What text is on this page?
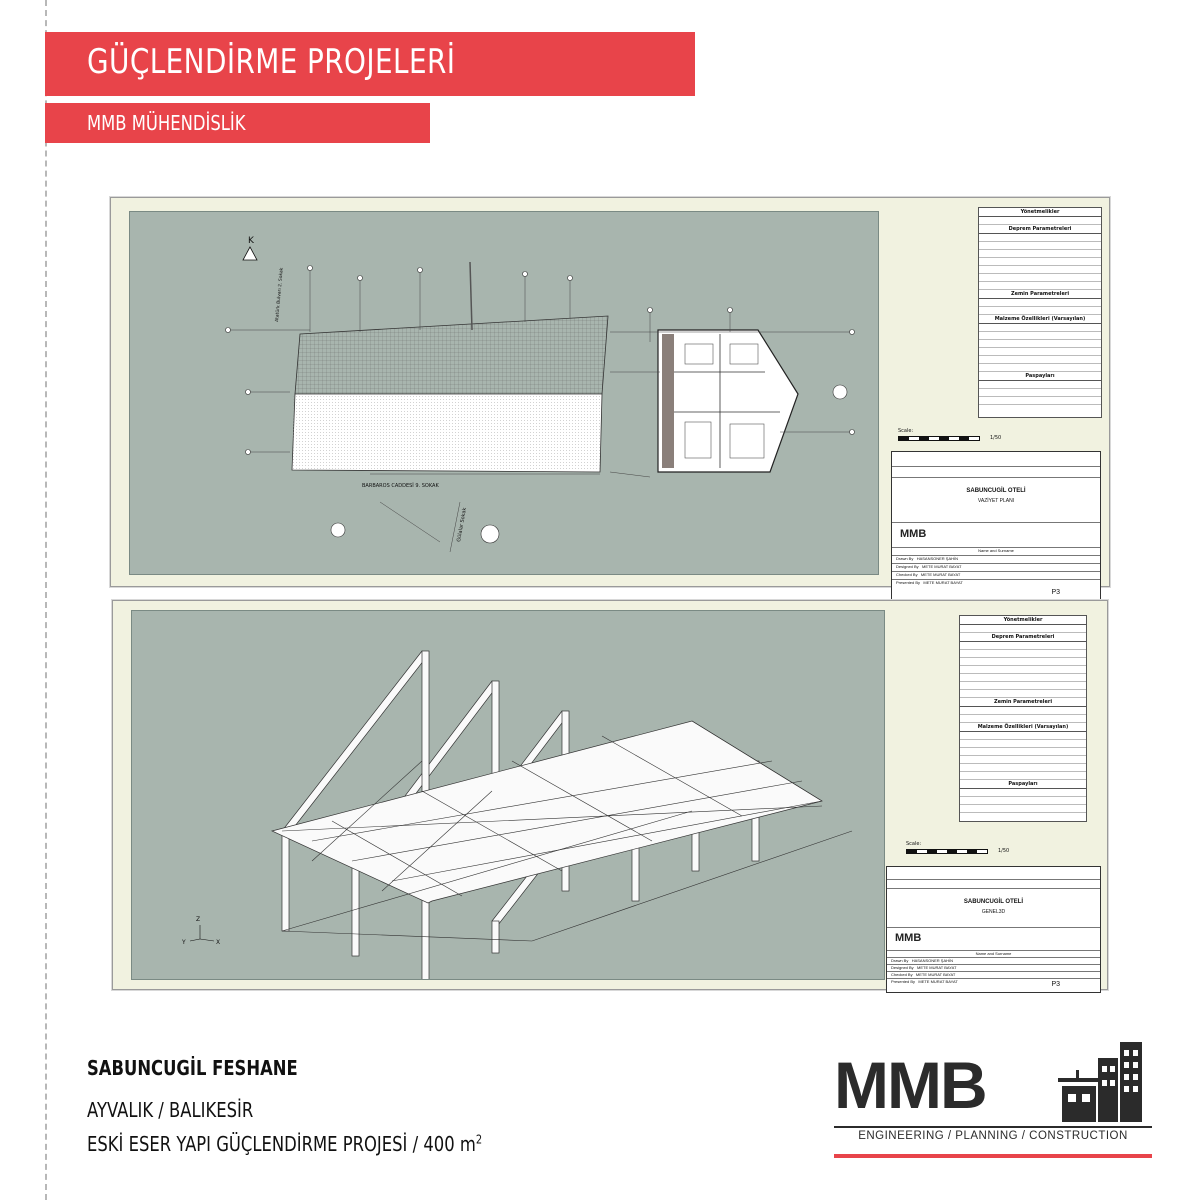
GÜÇLENDİRME PROJELERİ
MMB MÜHENDİSLİK
K
BARBAROS CADDESİ 9. SOKAK
Gülalar Sokak
Atatürk Bulvarı 2. Sokak
Yönetmelikler
Deprem Parametreleri
Zemin Parametreleri
Malzeme Özellikleri (Varsayılan)
Paspayları
Scale:
1/50
SABUNCUGİL OTELİ
VAZİYET PLANI
MMB
Name and Surname
Drawn By HASANSONER ŞAHİN
Designed By METE MURAT BAYAT
Checked By METE MURAT BAYAT
Presented By METE MURAT BAYAT
P3
Z
Y	X
Yönetmelikler
Deprem Parametreleri
Zemin Parametreleri
Malzeme Özellikleri (Varsayılan)
Paspayları
Scale:
1/50
SABUNCUGİL OTELİ
GENEL3D
MMB
Name and Surname
Drawn By HASANSONER ŞAHİN
Designed By METE MURAT BAYAT
Checked By METE MURAT BAYAT
Presented By METE MURAT BAYAT	P3
SABUNCUGİL FESHANE
AYVALIK / BALIKESİR
ESKİ ESER YAPI GÜÇLENDİRME PROJESİ / 400 $m^2$
MMB
ENGINEERING / PLANNING / CONSTRUCTION
